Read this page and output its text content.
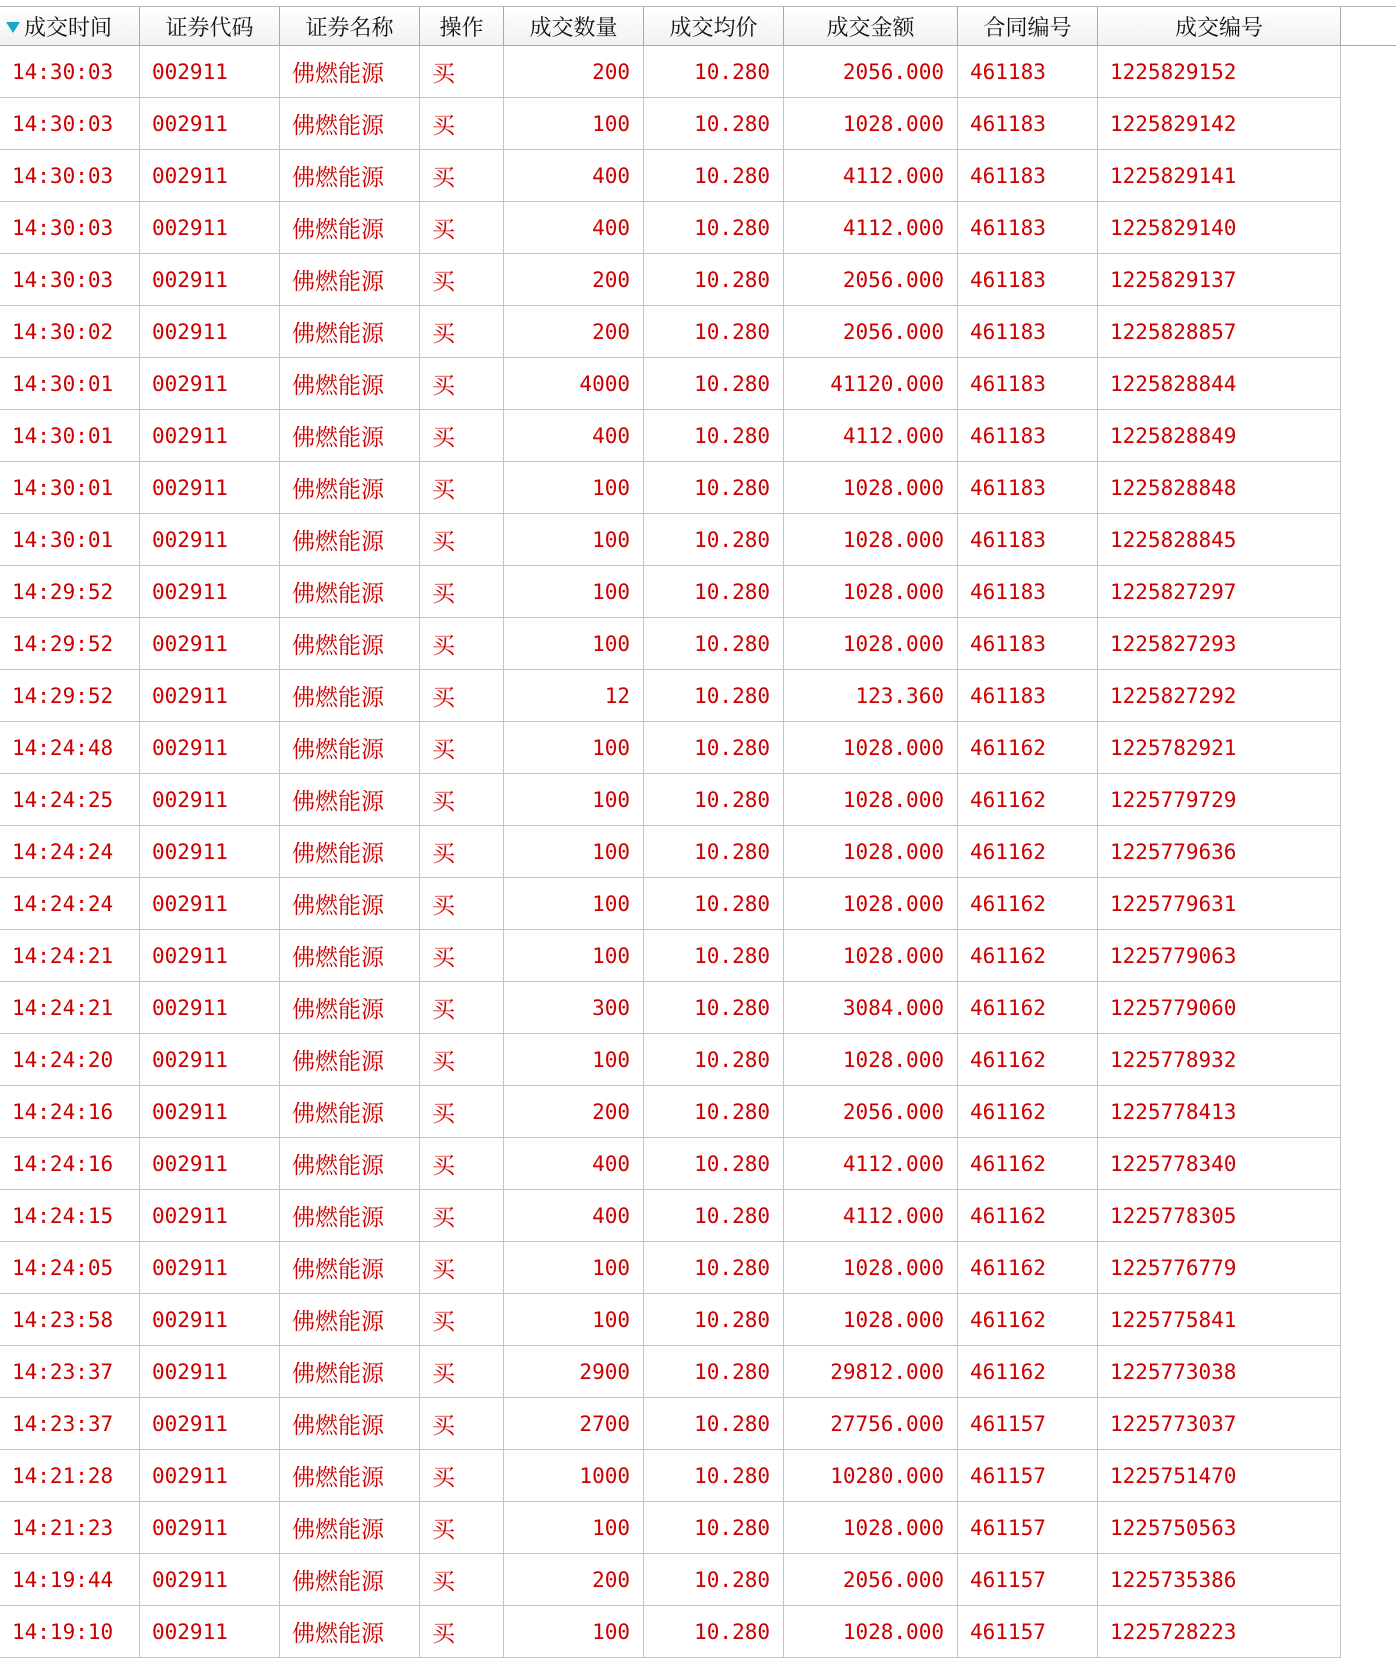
成交时间 证券代码 证券名称 操作 成交数量 成交均价	成交金额	合同编号	成交编号
14:30:03	002911	佛燃能源	买	200	10.280	2056.000	461183	1225829152
14:30:03	002911	佛燃能源	买	100	10.280	1028.000	461183	1225829142
14:30:03	002911	佛燃能源	买	400	10.280	4112.000	461183	1225829141
14:30:03	002911	佛燃能源	买	400	10.280	4112.000	461183	1225829140
14:30:03	002911	佛燃能源	买	200	10.280	2056.000	461183	1225829137
14:30:02	002911	佛燃能源	买	200	10.280	2056.000	461183	1225828857
14:30:01	002911	佛燃能源	买	4000	10.280	41120.000	461183	1225828844
14:30:01	002911	佛燃能源	买	400	10.280	4112.000	461183	1225828849
14:30:01	002911	佛燃能源	买	100	10.280	1028.000	461183	1225828848
14:30:01	002911	佛燃能源	买	100	10.280	1028.000	461183	1225828845
14:29:52	002911	佛燃能源	买	100	10.280	1028.000	461183	1225827297
14:29:52	002911	佛燃能源	买	100	10.280	1028.000	461183	1225827293
14:29:52	002911	佛燃能源	买	12	10.280	123.360	461183	1225827292
14:24:48	002911	佛燃能源	买	100	10.280	1028.000	461162	1225782921
14:24:25	002911	佛燃能源	买	100	10.280	1028.000	461162	1225779729
14:24:24	002911	佛燃能源	买	100	10.280	1028.000	461162	1225779636
14:24:24	002911	佛燃能源	买	100	10.280	1028.000	461162	1225779631
14:24:21	002911	佛燃能源	买	100	10.280	1028.000	461162	1225779063
14:24:21	002911	佛燃能源	买	300	10.280	3084.000	461162	1225779060
14:24:20	002911	佛燃能源	买	100	10.280	1028.000	461162	1225778932
14:24:16	002911	佛燃能源	买	200	10.280	2056.000	461162	1225778413
14:24:16	002911	佛燃能源	买	400	10.280	4112.000	461162	1225778340
14:24:15	002911	佛燃能源	买	400	10.280	4112.000	461162	1225778305
14:24:05	002911	佛燃能源	买	100	10.280	1028.000	461162	1225776779
14:23:58	002911	佛燃能源	买	100	10.280	1028.000	461162	1225775841
14:23:37	002911	佛燃能源	买	2900	10.280	29812.000	461162	1225773038
14:23:37	002911	佛燃能源	买	2700	10.280	27756.000	461157	1225773037
14:21:28	002911	佛燃能源	买	1000	10.280	10280.000	461157	1225751470
14:21:23	002911	佛燃能源	买	100	10.280	1028.000	461157	1225750563
14:19:44	002911	佛燃能源	买	200	10.280	2056.000	461157	1225735386
14:19:10	002911	佛燃能源	买	100	10.280	1028.000	461157	1225728223
